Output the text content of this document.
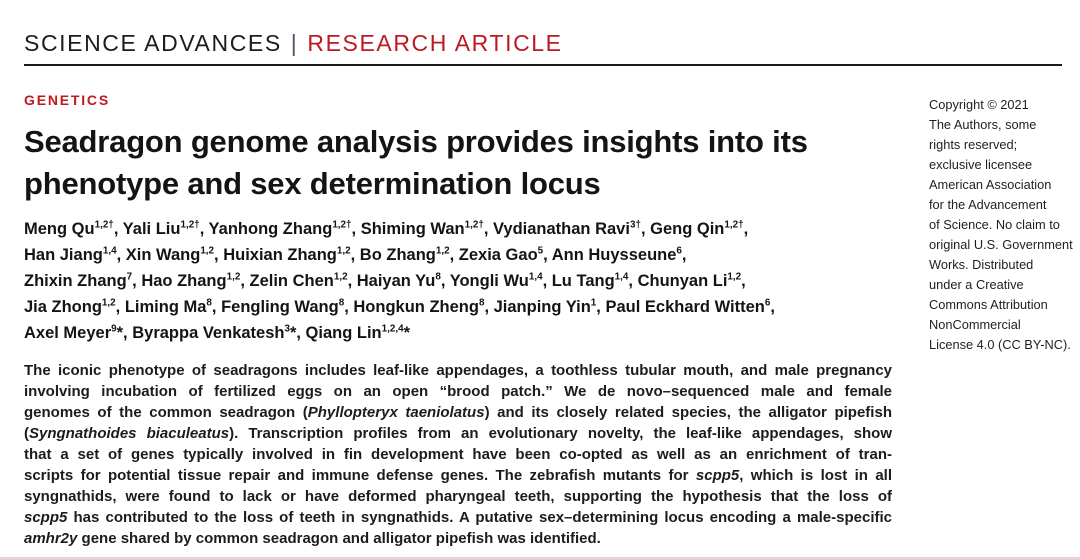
SCIENCE ADVANCES | RESEARCH ARTICLE
GENETICS
Seadragon genome analysis provides insights into its
phenotype and sex determination locus
Meng $Qu^{1,2\dagger}$, Yali Liu$^{1,2\dagger}$, Yanhong Zhang$^{1,2\dagger}$, Shiming Wan$^{1,2\dagger}$, Vydianathan Ravi$^{3\dagger}$, Geng Qin$^{1,2\dagger}$,
Han Jiang$^{1,4}$, Xin Wang$^{1,2}$, Huixian Zhang$^{1,2}$, Bo Zhang$^{1,2}$, Zexia Gao$^5$, Ann Huysseune$^6$,
Zhixin Zhang$^7$, Hao Zhang$^{1,2}$, Zelin Chen$^{1,2}$, Haiyan Yu$^8$, Yongli Wu$^{1,4}$, Lu Tang$^{1,4}$, Chunyan Li$^{1,2}$,
Jia Zhong$^{1,2}$, Liming Ma$^8$, Fengling Wang$^8$, Hongkun Zheng$^8$, Jianping Yin$^1$, Paul Eckhard Witten$^6$,
Axel Meyer$^9$*, Byrappa Venkatesh$^3$*, Qiang Lin$^{1,2,4}$*
The iconic phenotype of seadragons includes leaf-like appendages, a toothless tubular mouth, and male pregnancy
involving incubation of fertilized eggs on an open “brood patch.” We de novo–sequenced male and female
genomes of the common seadragon (Phyllopteryx taeniolatus) and its closely related species, the alligator pipefish
(Syngnathoides biaculeatus). Transcription profiles from an evolutionary novelty, the leaf-like appendages, show
that a set of genes typically involved in fin development have been co-opted as well as an enrichment of tran-
scripts for potential tissue repair and immune defense genes. The zebrafish mutants for scpp5, which is lost in all
syngnathids, were found to lack or have deformed pharyngeal teeth, supporting the hypothesis that the loss of
scpp5 has contributed to the loss of teeth in syngnathids. A putative sex–determining locus encoding a male-specific
amhr2y gene shared by common seadragon and alligator pipefish was identified.
Copyright © 2021
The Authors, some
rights reserved;
exclusive licensee
American Association
for the Advancement
of Science. No claim to
original U.S. Government
Works. Distributed
under a Creative
Commons Attribution
NonCommercial
License 4.0 (CC BY-NC).
